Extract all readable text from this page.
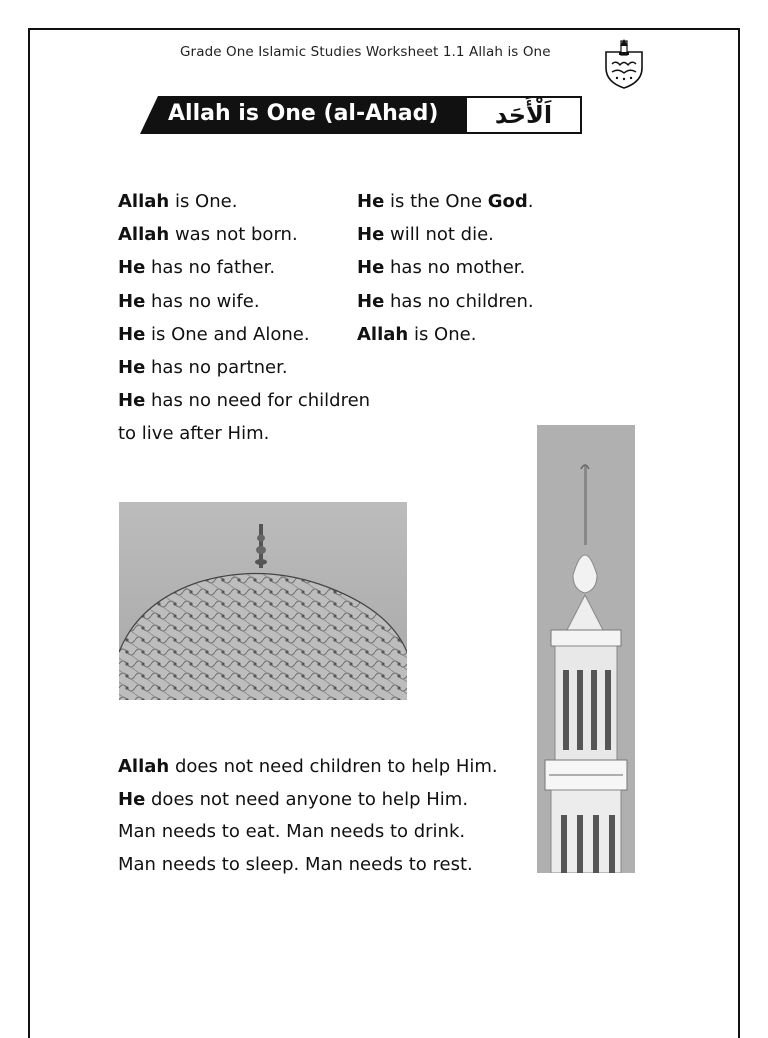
Grade One Islamic Studies Worksheet 1.1 Allah is One
Allah is One (al-Ahad)	اَلْأَحَد
Allah is One.
Allah was not born.
He has no father.
He has no wife.
He is One and Alone.
He has no partner.
He has no need for children
to live after Him.
He is the One God.
He will not die.
He has no mother.
He has no children.
Allah is One.
Allah does not need children to help Him.
He does not need anyone to help Him.
Man needs to eat. Man needs to drink.
Man needs to sleep. Man needs to rest.
